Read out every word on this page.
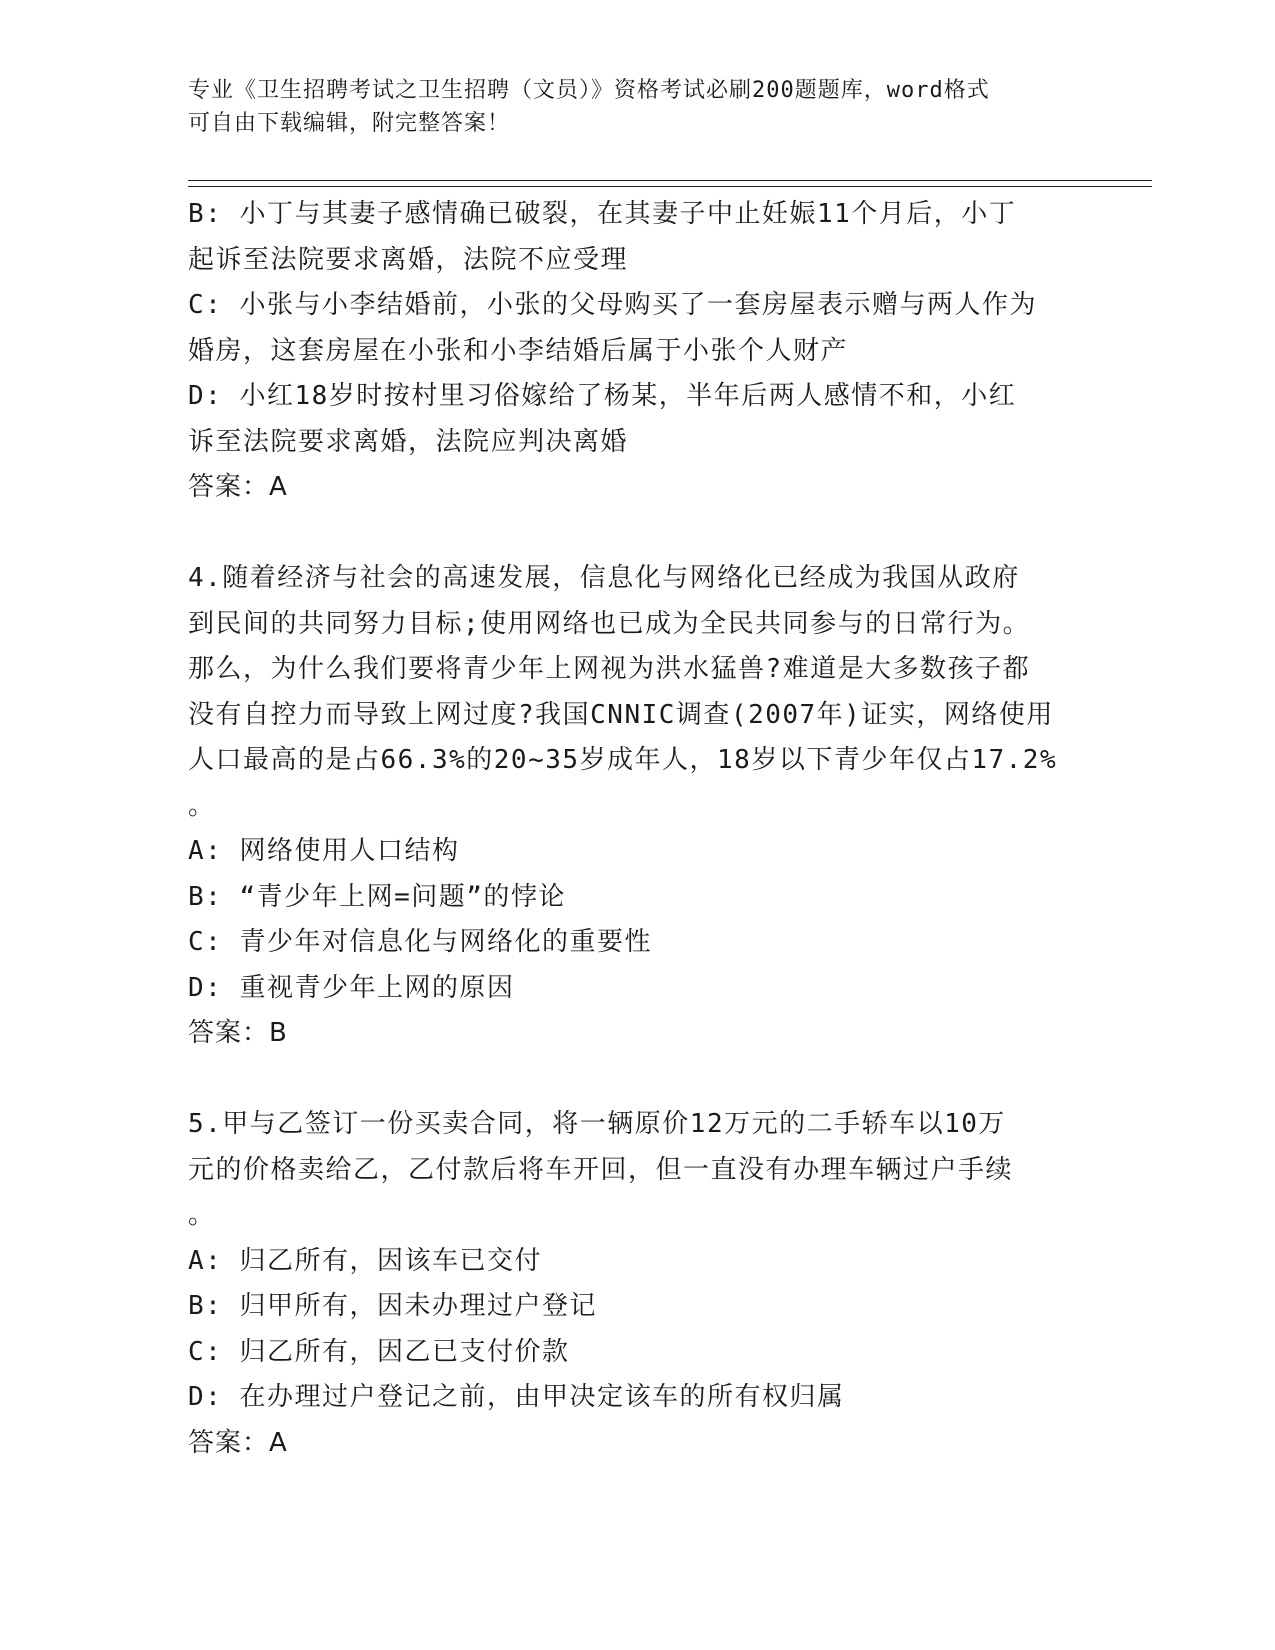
专业《卫生招聘考试之卫生招聘（文员）》资格考试必刷200题题库，word格式
可自由下载编辑，附完整答案！
B: 小丁与其妻子感情确已破裂，在其妻子中止妊娠11个月后，小丁
起诉至法院要求离婚，法院不应受理
C: 小张与小李结婚前，小张的父母购买了一套房屋表示赠与两人作为
婚房，这套房屋在小张和小李结婚后属于小张个人财产
D: 小红18岁时按村里习俗嫁给了杨某，半年后两人感情不和，小红
诉至法院要求离婚，法院应判决离婚
答案：A
4.随着经济与社会的高速发展，信息化与网络化已经成为我国从政府
到民间的共同努力目标;使用网络也已成为全民共同参与的日常行为。
那么，为什么我们要将青少年上网视为洪水猛兽?难道是大多数孩子都
没有自控力而导致上网过度?我国CNNIC调查(2007年)证实，网络使用
人口最高的是占66.3%的20~35岁成年人，18岁以下青少年仅占17.2%
。
A: 网络使用人口结构
B: “青少年上网=问题”的悖论
C: 青少年对信息化与网络化的重要性
D: 重视青少年上网的原因
答案：B
5.甲与乙签订一份买卖合同，将一辆原价12万元的二手轿车以10万
元的价格卖给乙，乙付款后将车开回，但一直没有办理车辆过户手续
。
A: 归乙所有，因该车已交付
B: 归甲所有，因未办理过户登记
C: 归乙所有，因乙已支付价款
D: 在办理过户登记之前，由甲决定该车的所有权归属
答案：A
